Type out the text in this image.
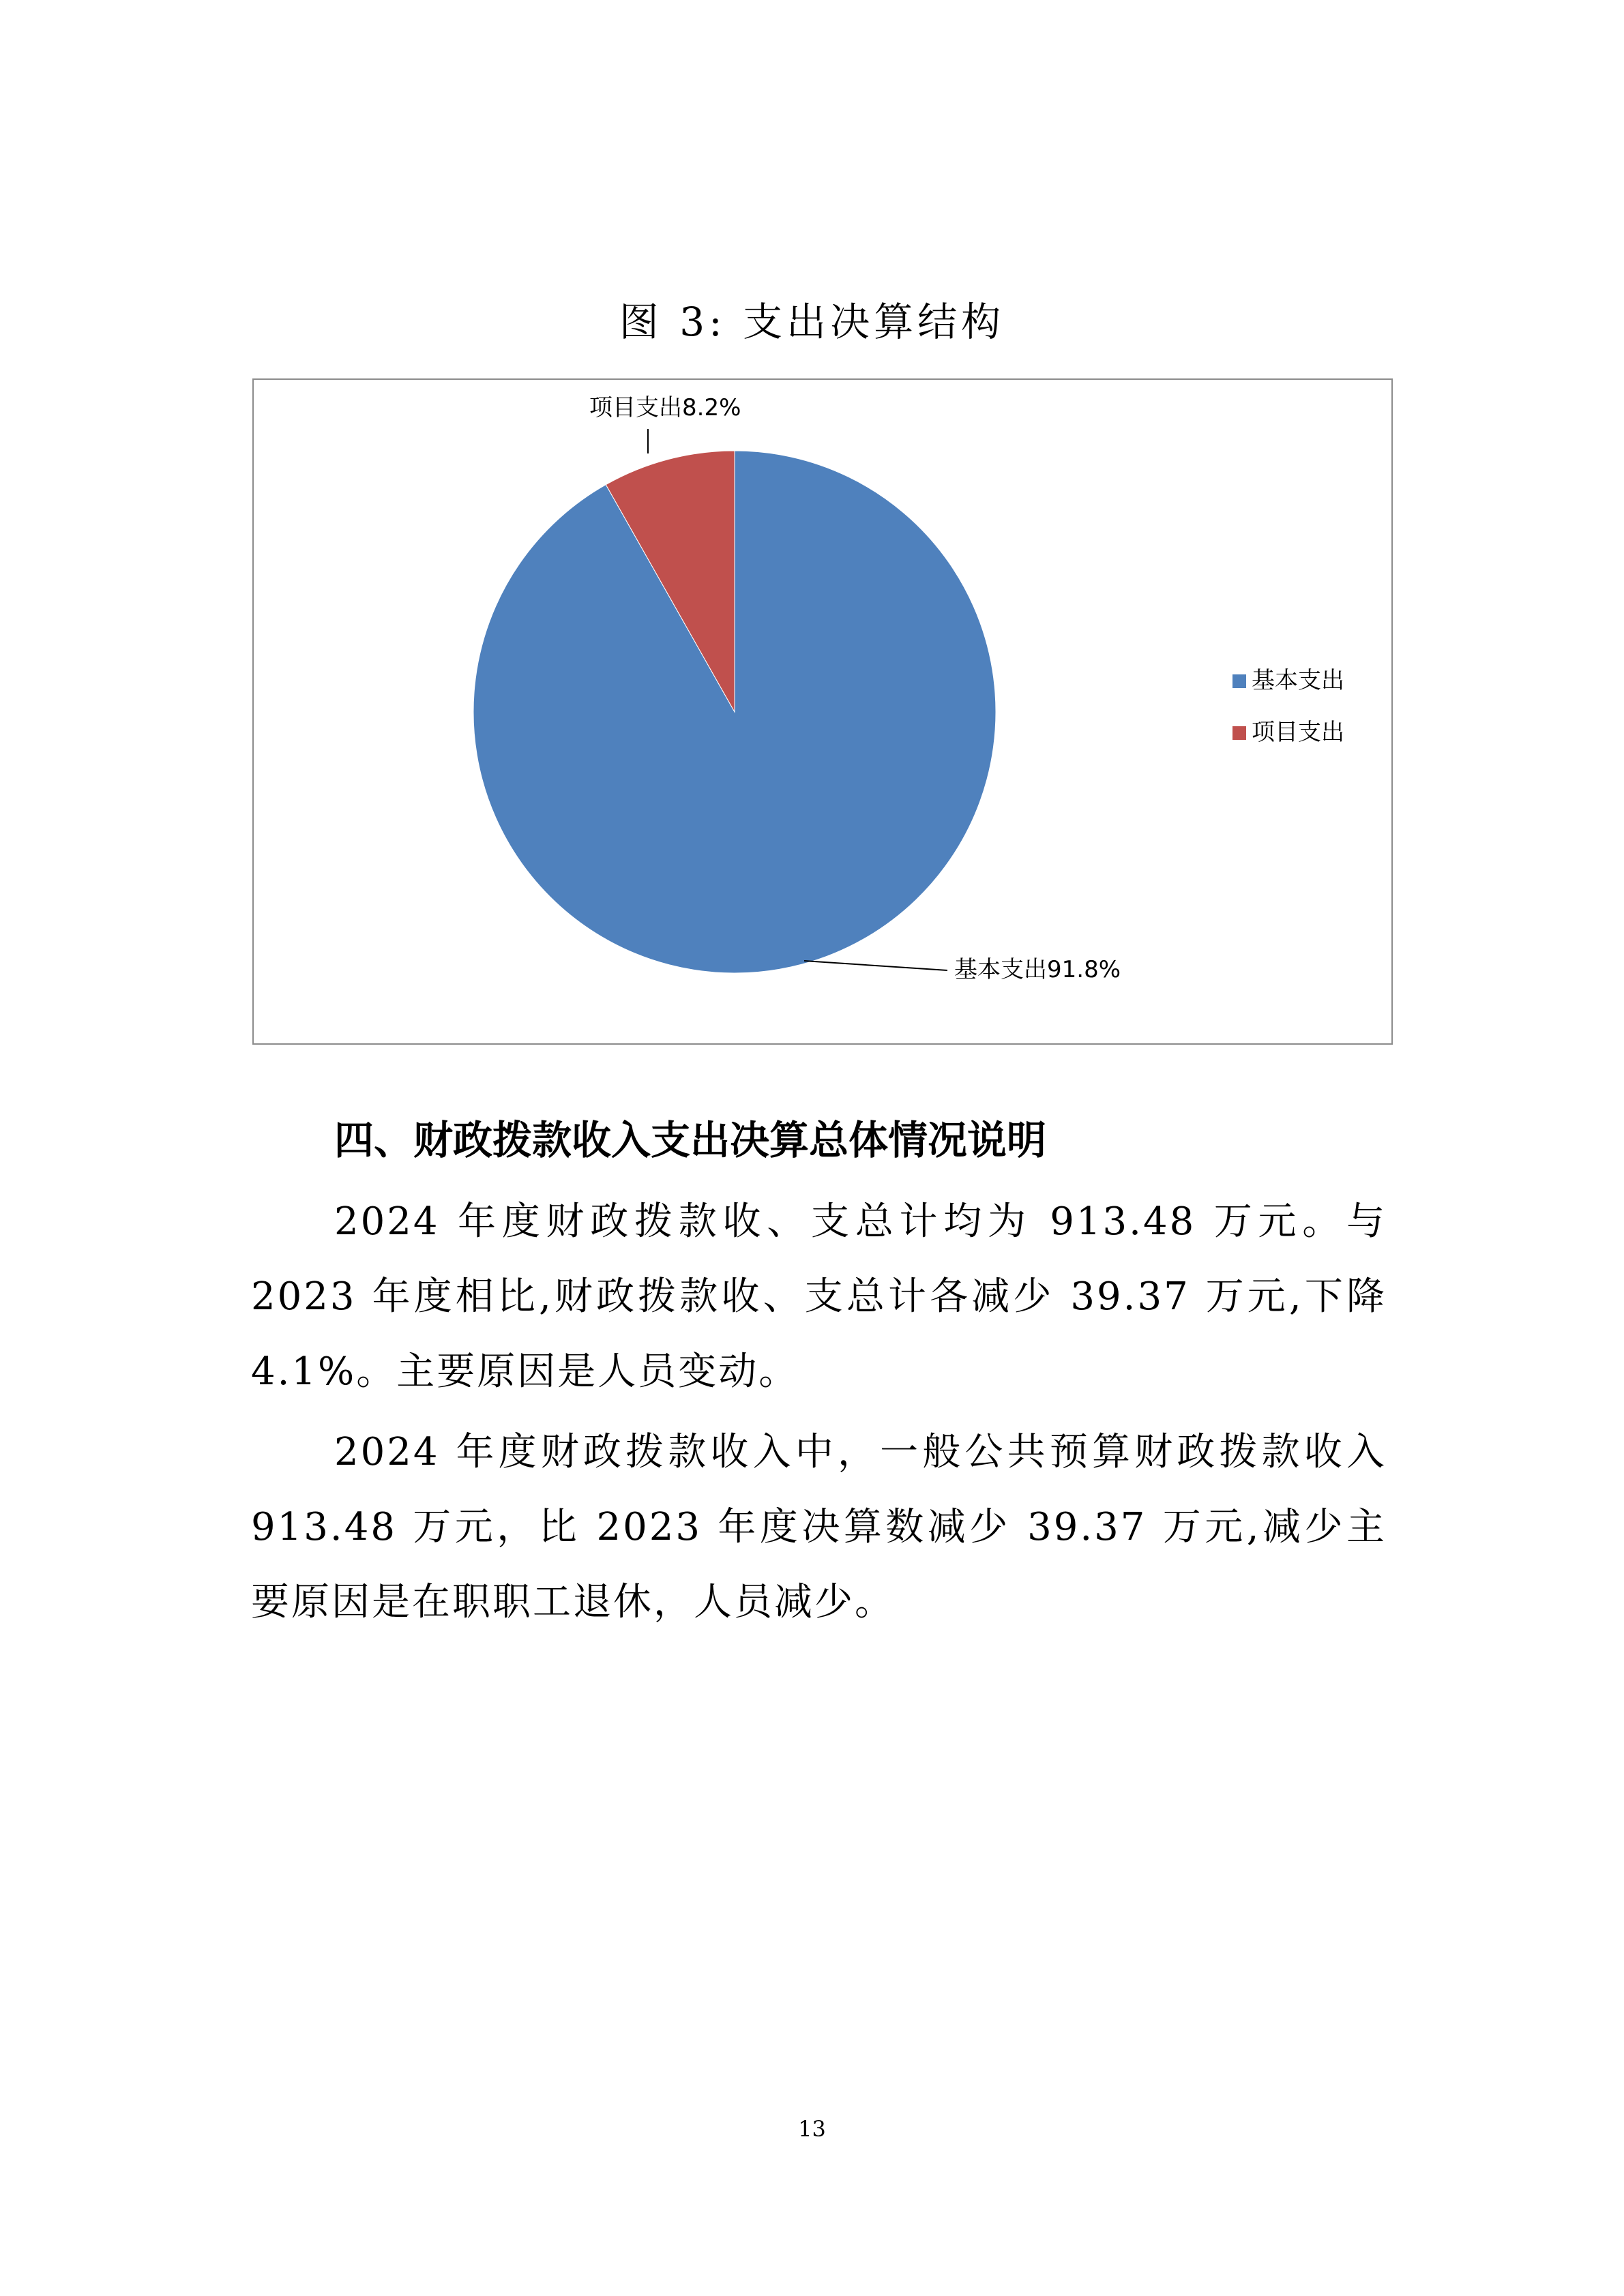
图 3: 支出决算结构
项目支出8.2%
基本支出91.8%
基本支出
项目支出
四、财政拨款收入支出决算总体情况说明

2024 年度财政拨款收、支总计均为 913.48 万元。与 2023 年度相比,财政拨款收、支总计各减少 39.37 万元,下降 4.1%。主要原因是人员变动。

2024 年度财政拨款收入中，一般公共预算财政拨款收入 913.48 万元，比 2023 年度决算数减少 39.37 万元,减少主要原因是在职职工退休，人员减少。

13
